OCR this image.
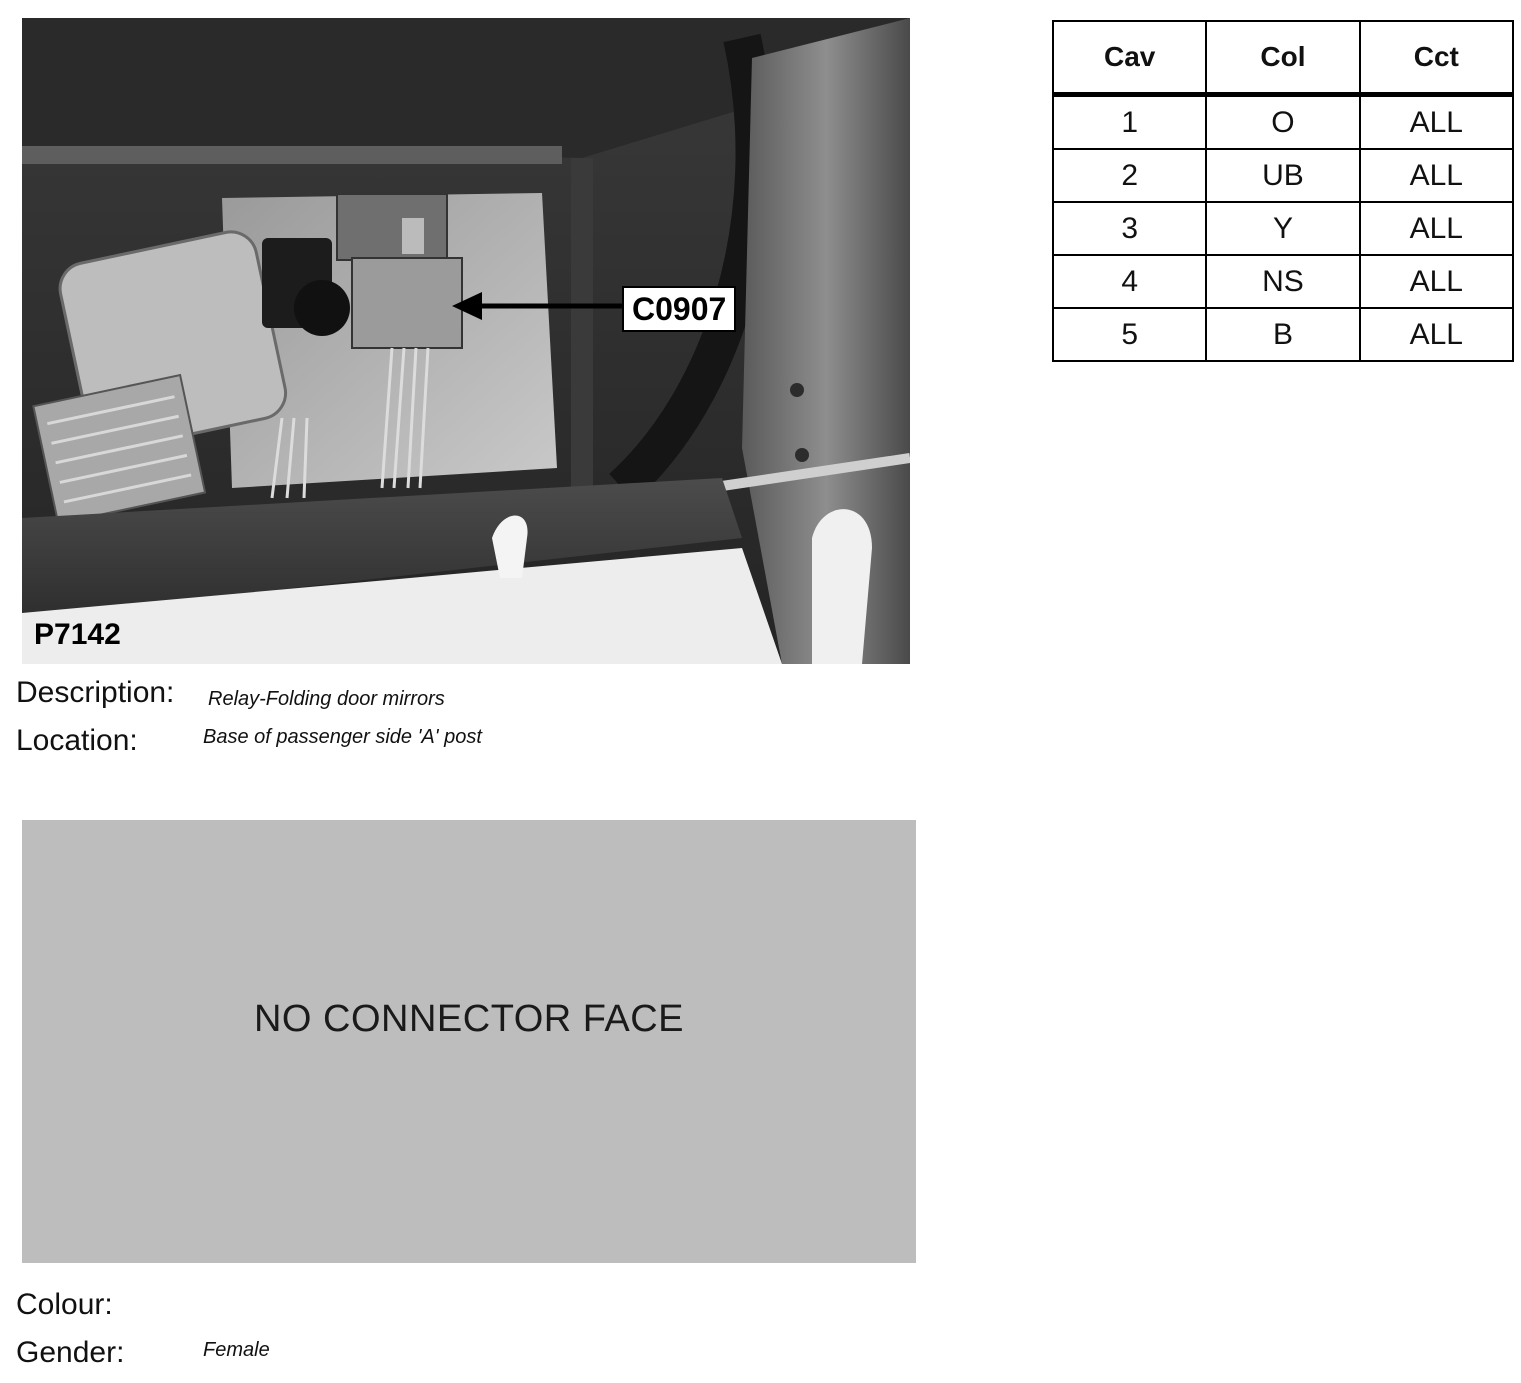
C0907
P7142
Description: Relay-Folding door mirrors
Location:	Base of passenger side 'A' post
Cav	Col	Cct
1	O	ALL
2	UB	ALL
3	Y	ALL
4	NS	ALL
5	B	ALL
NO CONNECTOR FACE
Colour:
Gender:	Female
